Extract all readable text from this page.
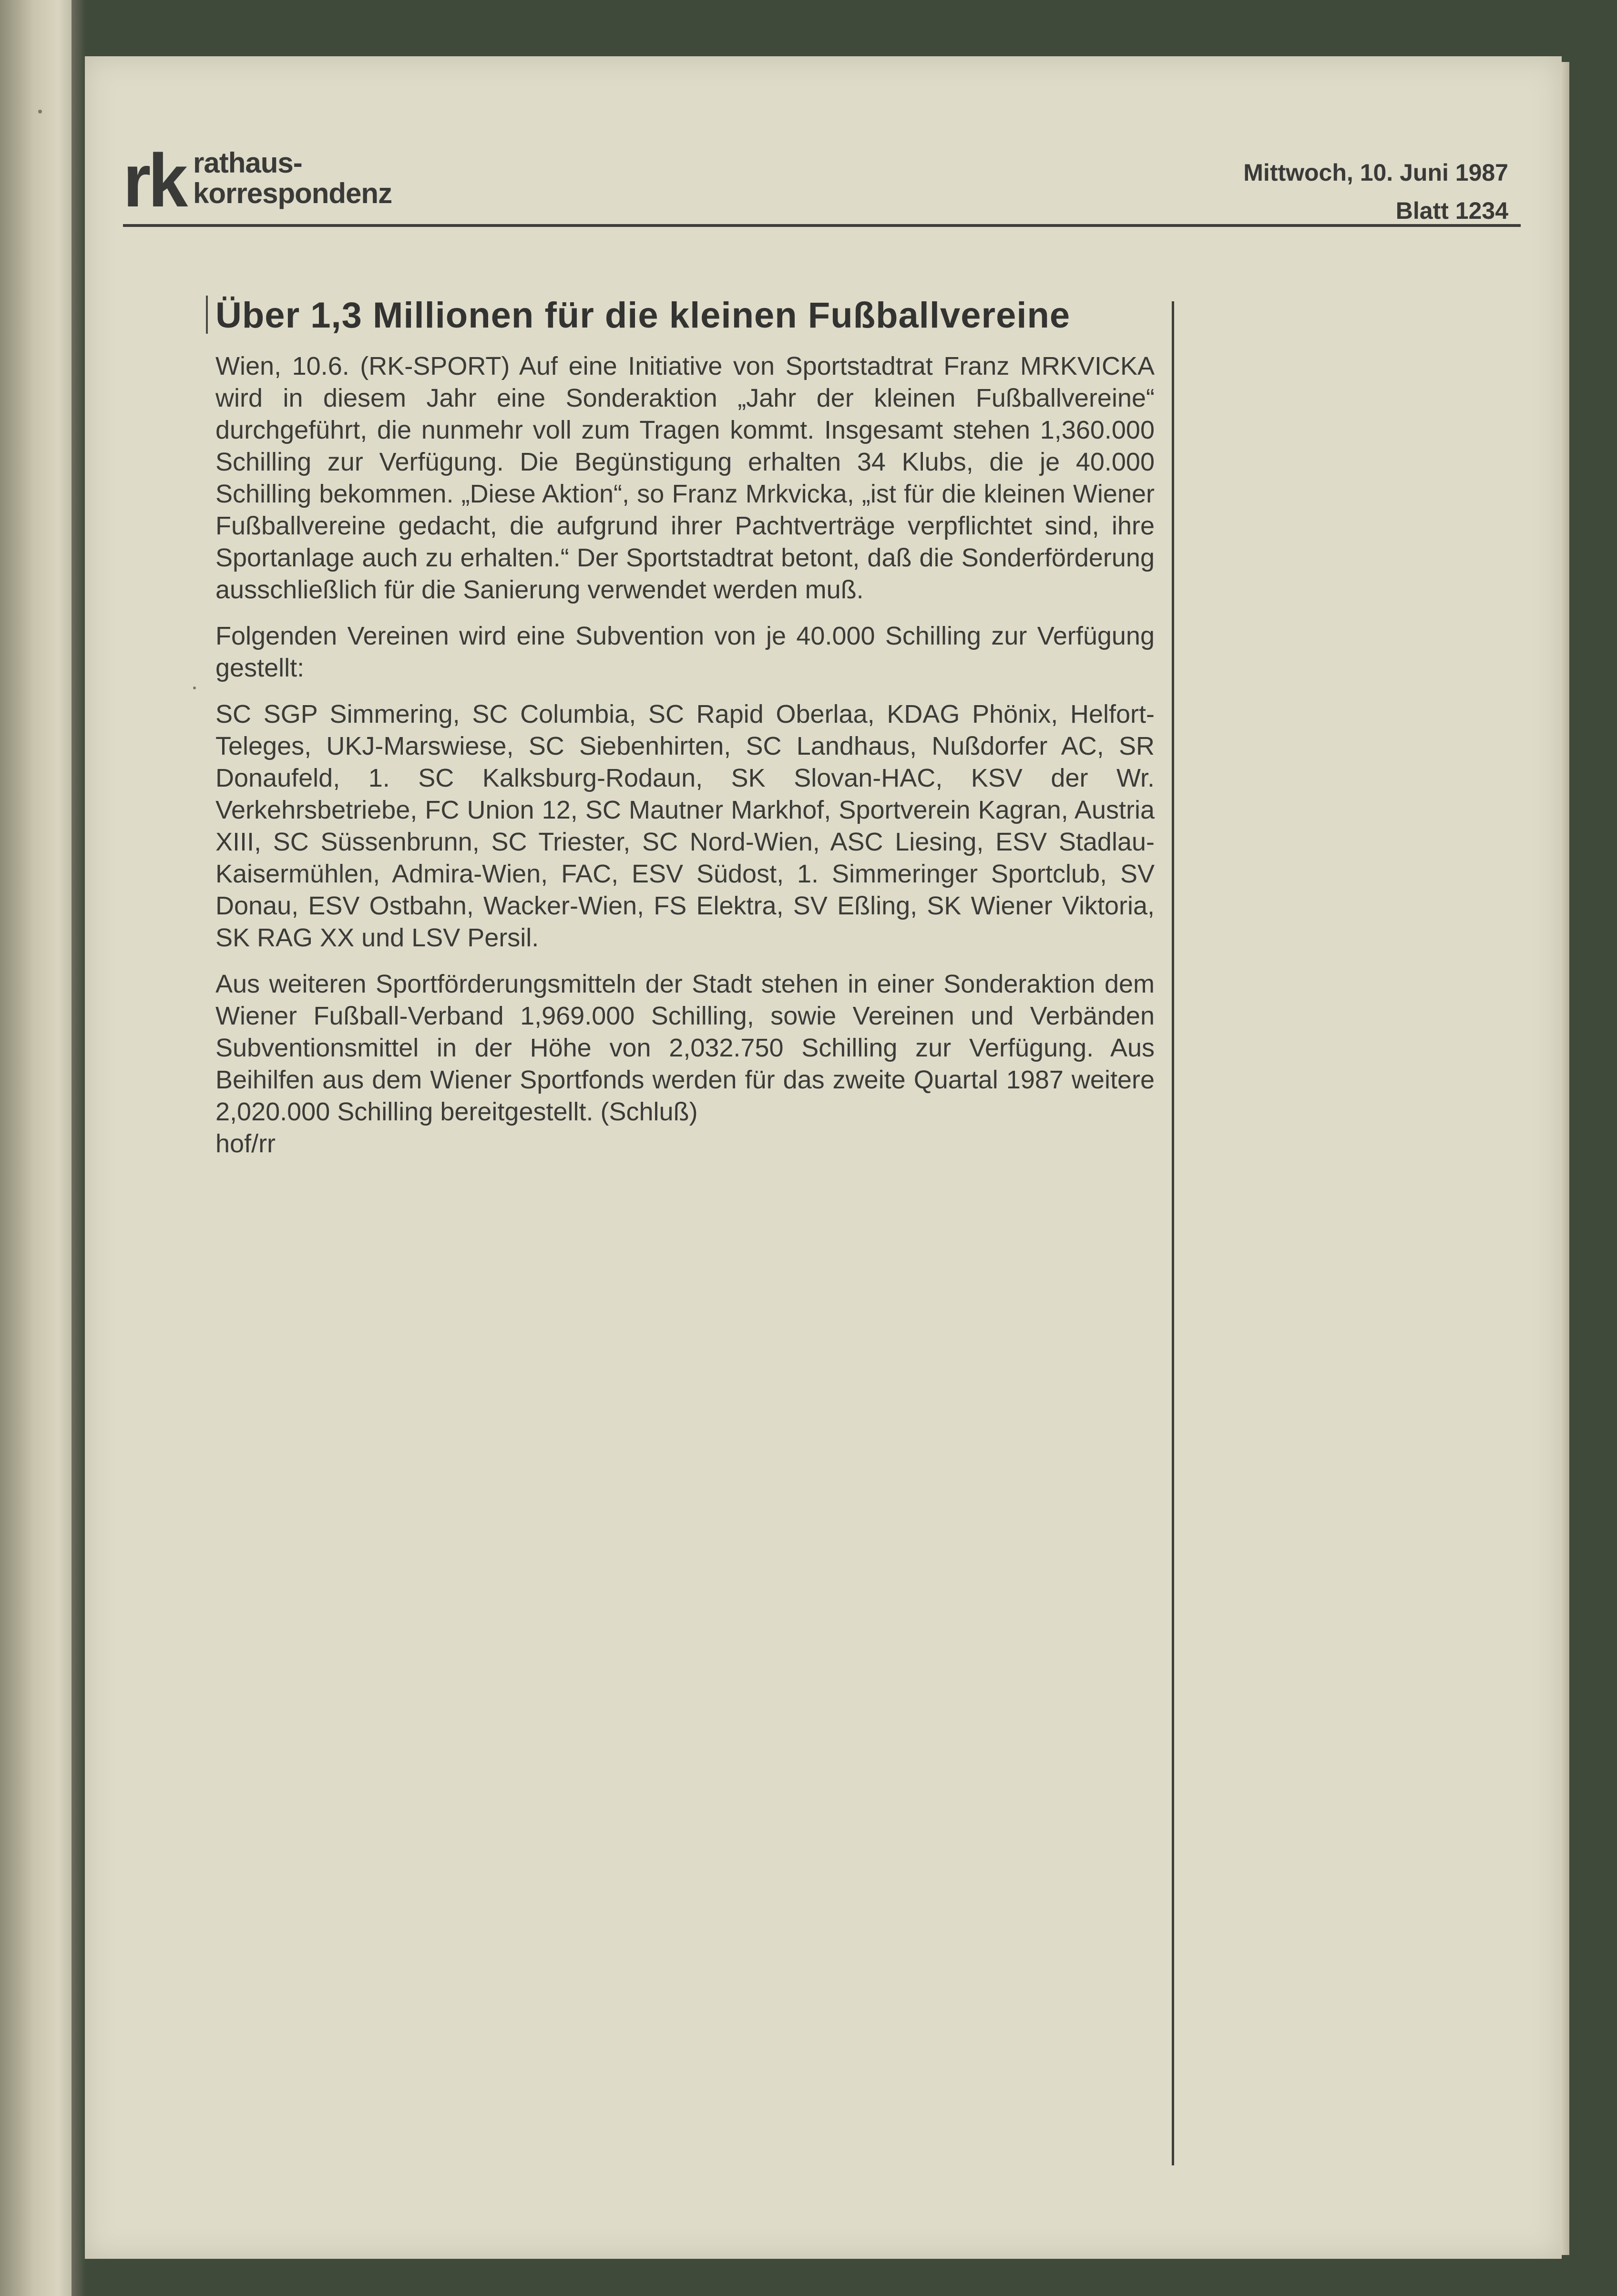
rk rathaus-
korrespondenz
Mittwoch, 10. Juni 1987
Blatt 1234
Über 1,3 Millionen für die kleinen Fußballvereine

Wien, 10.6. (RK-SPORT) Auf eine Initiative von Sportstadtrat Franz MRKVICKA wird in diesem Jahr eine Sonderaktion „Jahr der kleinen Fußballvereine“ durchgeführt, die nunmehr voll zum Tragen kommt. Insgesamt stehen 1,360.000 Schilling zur Verfügung. Die Begünstigung erhalten 34 Klubs, die je 40.000 Schilling bekommen. „Diese Aktion“, so Franz Mrkvicka, „ist für die kleinen Wiener Fußballvereine gedacht, die aufgrund ihrer Pachtverträge verpflichtet sind, ihre Sportanlage auch zu erhalten.“ Der Sportstadtrat betont, daß die Sonderförderung ausschließlich für die Sanierung verwendet werden muß.

Folgenden Vereinen wird eine Subvention von je 40.000 Schilling zur Verfügung gestellt:

SC SGP Simmering, SC Columbia, SC Rapid Oberlaa, KDAG Phönix, Helfort-Teleges, UKJ-Marswiese, SC Siebenhirten, SC Landhaus, Nußdorfer AC, SR Donaufeld, 1. SC Kalksburg-Rodaun, SK Slovan-HAC, KSV der Wr. Verkehrsbetriebe, FC Union 12, SC Mautner Markhof, Sportverein Kagran, Austria XIII, SC Süssenbrunn, SC Triester, SC Nord-Wien, ASC Liesing, ESV Stadlau-Kaisermühlen, Admira-Wien, FAC, ESV Südost, 1. Simmeringer Sportclub, SV Donau, ESV Ostbahn, Wacker-Wien, FS Elektra, SV Eßling, SK Wiener Viktoria, SK RAG XX und LSV Persil.

Aus weiteren Sportförderungsmitteln der Stadt stehen in einer Sonderaktion dem Wiener Fußball-Verband 1,969.000 Schilling, sowie Vereinen und Verbänden Subventionsmittel in der Höhe von 2,032.750 Schilling zur Verfügung. Aus Beihilfen aus dem Wiener Sportfonds werden für das zweite Quartal 1987 weitere 2,020.000 Schilling bereitgestellt. (Schluß)

hof/rr
